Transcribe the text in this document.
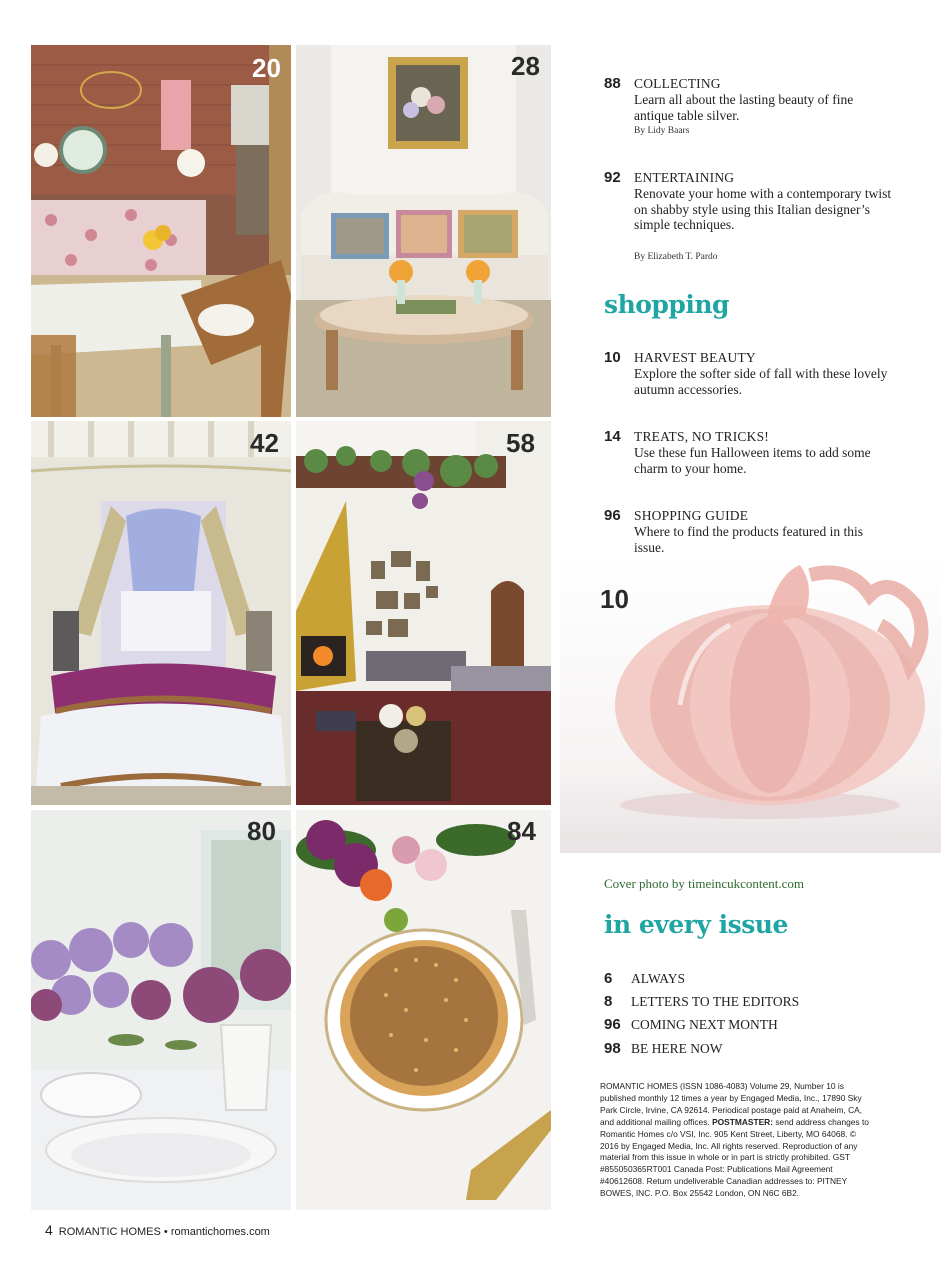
20	28
42	58
80	84
88 COLLECTING
Learn all about the lasting beauty of fine antique table silver.
By Lidy Baars
92 ENTERTAINING
Renovate your home with a contemporary twist on shabby style using this Italian designer’s simple techniques.
By Elizabeth T. Pardo
shopping
10 HARVEST BEAUTY
Explore the softer side of fall with these lovely autumn accessories.
14 TREATS, NO TRICKS!
Use these fun Halloween items to add some charm to your home.
96 SHOPPING GUIDE
Where to find the products featured in this issue.
10
Cover photo by timeincukcontent.com
in every issue
6 ALWAYS
8 LETTERS TO THE EDITORS
96 COMING NEXT MONTH
98 BE HERE NOW
ROMANTIC HOMES (ISSN 1086-4083) Volume 29, Number 10 is published monthly 12 times a year by Engaged Media, Inc., 17890 Sky Park Circle, Irvine, CA 92614. Periodical postage paid at Anaheim, CA, and additional mailing offices. POSTMASTER: send address changes to Romantic Homes c/o VSI, Inc. 905 Kent Street, Liberty, MO 64068. © 2016 by Engaged Media, Inc. All rights reserved. Reproduction of any material from this issue in whole or in part is strictly prohibited. GST #855050365RT001 Canada Post: Publications Mail Agreement #40612608. Return undeliverable Canadian addresses to: PITNEY BOWES, INC. P.O. Box 25542 London, ON N6C 6B2.
4 ROMANTIC HOMES • romantichomes.com
